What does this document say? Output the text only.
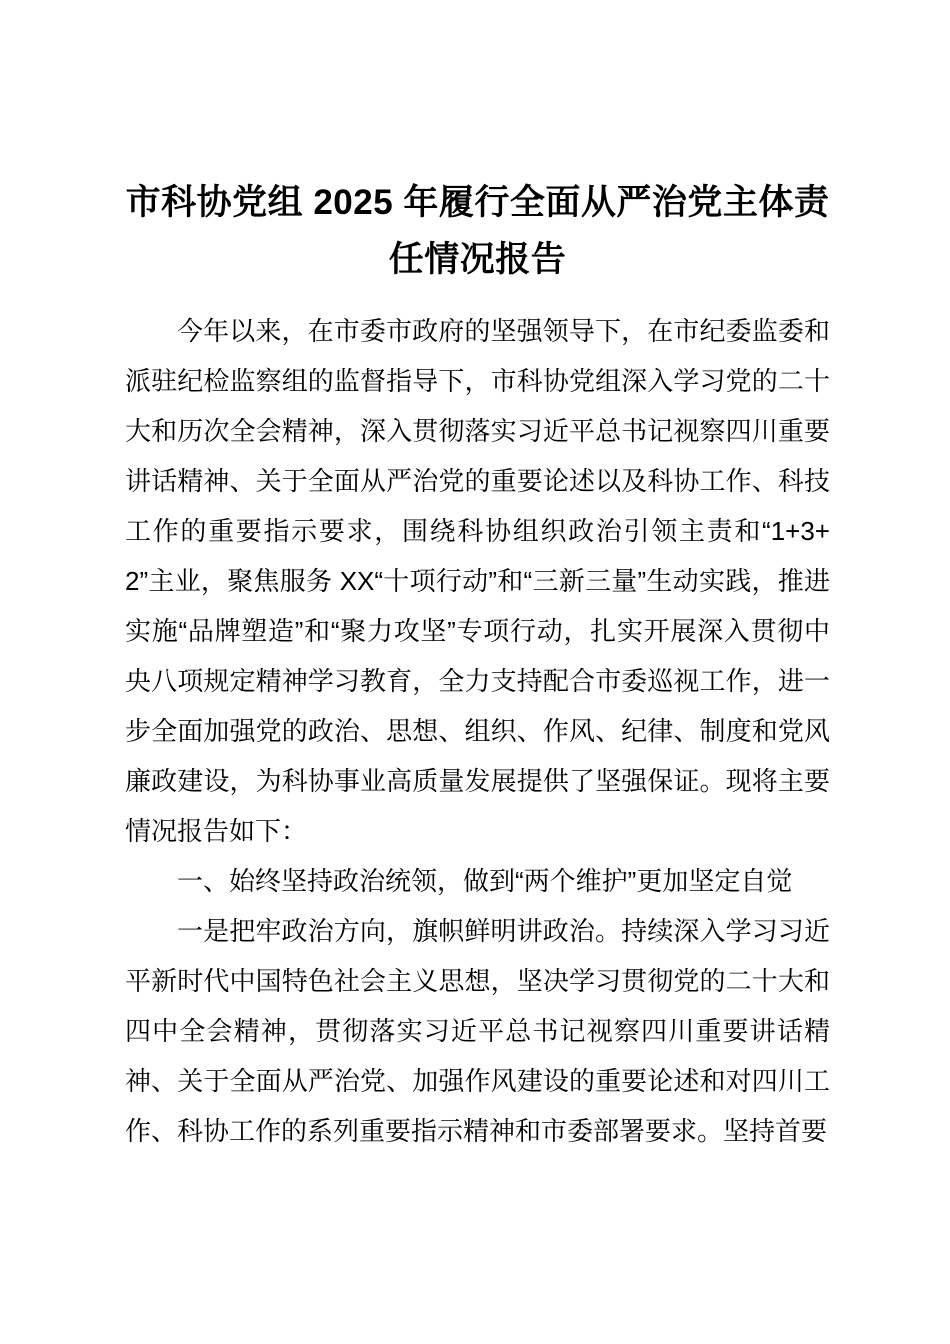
市科协党组 2025 年履行全面从严治党主体责任情况报告

今年以来，在市委市政府的坚强领导下，在市纪委监委和派驻纪检监察组的监督指导下，市科协党组深入学习党的二十大和历次全会精神，深入贯彻落实习近平总书记视察四川重要讲话精神、关于全面从严治党的重要论述以及科协工作、科技工作的重要指示要求，围绕科协组织政治引领主责和“1+3+2”主业，聚焦服务 XX“十项行动”和“三新三量”生动实践，推进实施“品牌塑造”和“聚力攻坚”专项行动，扎实开展深入贯彻中央八项规定精神学习教育，全力支持配合市委巡视工作，进一步全面加强党的政治、思想、组织、作风、纪律、制度和党风廉政建设，为科协事业高质量发展提供了坚强保证。现将主要情况报告如下：

一、始终坚持政治统领，做到“两个维护”更加坚定自觉

一是把牢政治方向，旗帜鲜明讲政治。持续深入学习习近平新时代中国特色社会主义思想，坚决学习贯彻党的二十大和四中全会精神，贯彻落实习近平总书记视察四川重要讲话精神、关于全面从严治党、加强作风建设的重要论述和对四川工作、科协工作的系列重要指示精神和市委部署要求。坚持首要
